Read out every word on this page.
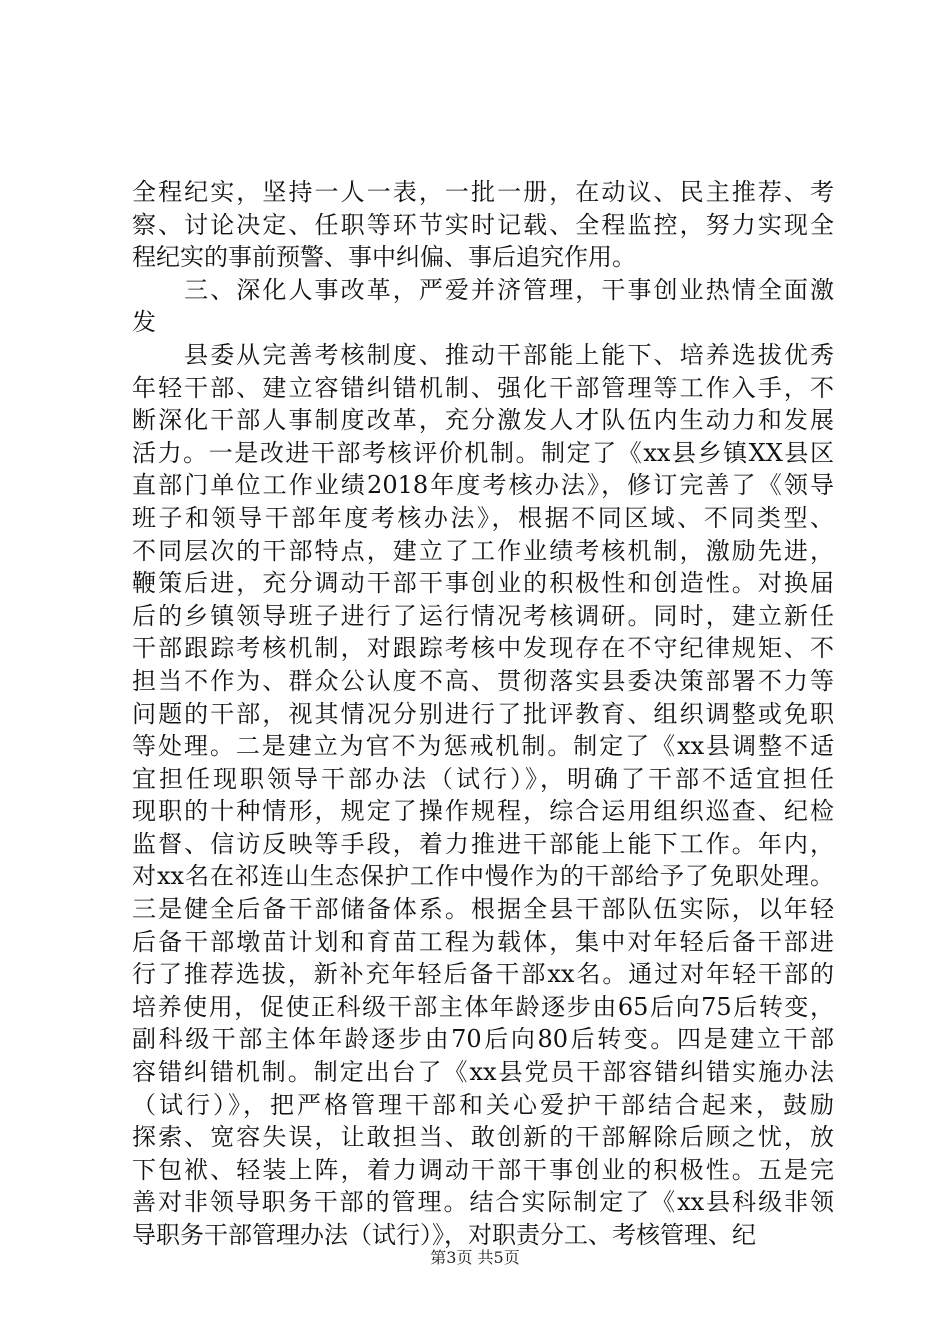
全程纪实，坚持一人一表，一批一册，在动议、民主推荐、考
察、讨论决定、任职等环节实时记载、全程监控，努力实现全
程纪实的事前预警、事中纠偏、事后追究作用。
　　三、深化人事改革，严爱并济管理，干事创业热情全面激
发
　　县委从完善考核制度、推动干部能上能下、培养选拔优秀
年轻干部、建立容错纠错机制、强化干部管理等工作入手，不
断深化干部人事制度改革，充分激发人才队伍内生动力和发展
活力。一是改进干部考核评价机制。制定了《xx县乡镇XX县区
直部门单位工作业绩2018年度考核办法》，修订完善了《领导
班子和领导干部年度考核办法》，根据不同区域、不同类型、
不同层次的干部特点，建立了工作业绩考核机制，激励先进，
鞭策后进，充分调动干部干事创业的积极性和创造性。对换届
后的乡镇领导班子进行了运行情况考核调研。同时，建立新任
干部跟踪考核机制，对跟踪考核中发现存在不守纪律规矩、不
担当不作为、群众公认度不高、贯彻落实县委决策部署不力等
问题的干部，视其情况分别进行了批评教育、组织调整或免职
等处理。二是建立为官不为惩戒机制。制定了《xx县调整不适
宜担任现职领导干部办法（试行）》，明确了干部不适宜担任
现职的十种情形，规定了操作规程，综合运用组织巡查、纪检
监督、信访反映等手段，着力推进干部能上能下工作。年内，
对xx名在祁连山生态保护工作中慢作为的干部给予了免职处理。
三是健全后备干部储备体系。根据全县干部队伍实际，以年轻
后备干部墩苗计划和育苗工程为载体，集中对年轻后备干部进
行了推荐选拔，新补充年轻后备干部xx名。通过对年轻干部的
培养使用，促使正科级干部主体年龄逐步由65后向75后转变，
副科级干部主体年龄逐步由70后向80后转变。四是建立干部
容错纠错机制。制定出台了《xx县党员干部容错纠错实施办法
（试行）》，把严格管理干部和关心爱护干部结合起来，鼓励
探索、宽容失误，让敢担当、敢创新的干部解除后顾之忧，放
下包袱、轻装上阵，着力调动干部干事创业的积极性。五是完
善对非领导职务干部的管理。结合实际制定了《xx县科级非领
导职务干部管理办法（试行）》，对职责分工、考核管理、纪
第3页 共5页
